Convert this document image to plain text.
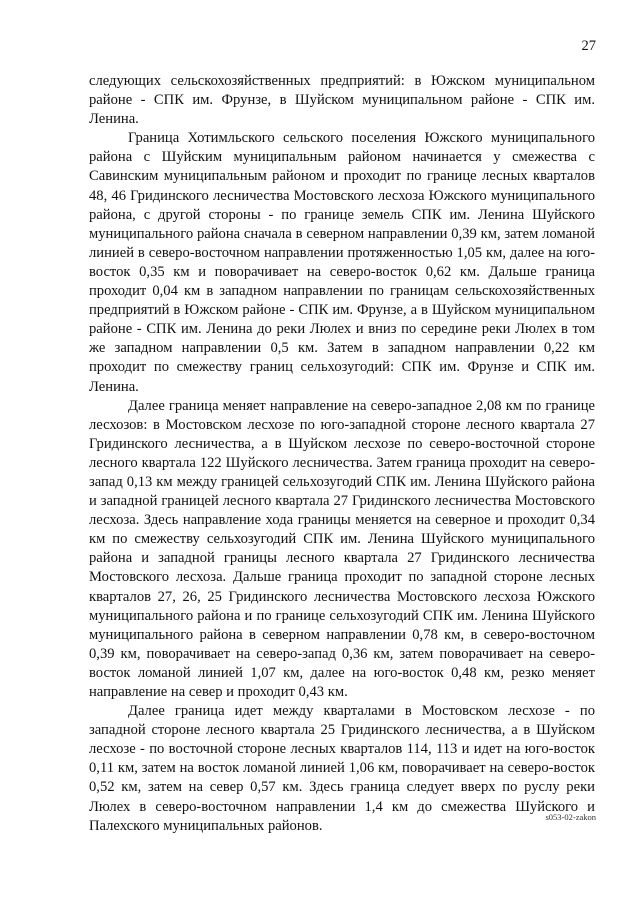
27

следующих сельскохозяйственных предприятий: в Южском муниципальном районе - СПК им. Фрунзе, в Шуйском муниципальном районе - СПК им. Ленина.

Граница Хотимльского сельского поселения Южского муниципального района с Шуйским муниципальным районом начинается у смежества с Савинским муниципальным районом и проходит по границе лесных кварталов 48, 46 Гридинского лесничества Мостовского лесхоза Южского муниципального района, с другой стороны - по границе земель СПК им. Ленина Шуйского муниципального района сначала в северном направлении 0,39 км, затем ломаной линией в северо-восточном направлении протяженностью 1,05 км, далее на юго-восток 0,35 км и поворачивает на северо-восток 0,62 км. Дальше граница проходит 0,04 км в западном направлении по границам сельскохозяйственных предприятий в Южском районе - СПК им. Фрунзе, а в Шуйском муниципальном районе - СПК им. Ленина до реки Люлех и вниз по середине реки Люлех в том же западном направлении 0,5 км. Затем в западном направлении 0,22 км проходит по смежеству границ сельхозугодий: СПК им. Фрунзе и СПК им. Ленина.

Далее граница меняет направление на северо-западное 2,08 км по границе лесхозов: в Мостовском лесхозе по юго-западной стороне лесного квартала 27 Гридинского лесничества, а в Шуйском лесхозе по северо-восточной стороне лесного квартала 122 Шуйского лесничества. Затем граница проходит на северо-запад 0,13 км между границей сельхозугодий СПК им. Ленина Шуйского района и западной границей лесного квартала 27 Гридинского лесничества Мостовского лесхоза. Здесь направление хода границы меняется на северное и проходит 0,34 км по смежеству сельхозугодий СПК им. Ленина Шуйского муниципального района и западной границы лесного квартала 27 Гридинского лесничества Мостовского лесхоза. Дальше граница проходит по западной стороне лесных кварталов 27, 26, 25 Гридинского лесничества Мостовского лесхоза Южского муниципального района и по границе сельхозугодий СПК им. Ленина Шуйского муниципального района в северном направлении 0,78 км, в северо-восточном 0,39 км, поворачивает на северо-запад 0,36 км, затем поворачивает на северо-восток ломаной линией 1,07 км, далее на юго-восток 0,48 км, резко меняет направление на север и проходит 0,43 км.

Далее граница идет между кварталами в Мостовском лесхозе - по западной стороне лесного квартала 25 Гридинского лесничества, а в Шуйском лесхозе - по восточной стороне лесных кварталов 114, 113 и идет на юго-восток 0,11 км, затем на восток ломаной линией 1,06 км, поворачивает на северо-восток 0,52 км, затем на север 0,57 км. Здесь граница следует вверх по руслу реки Люлех в северо-восточном направлении 1,4 км до смежества Шуйского и Палехского муниципальных районов.

s053-02-zakon
